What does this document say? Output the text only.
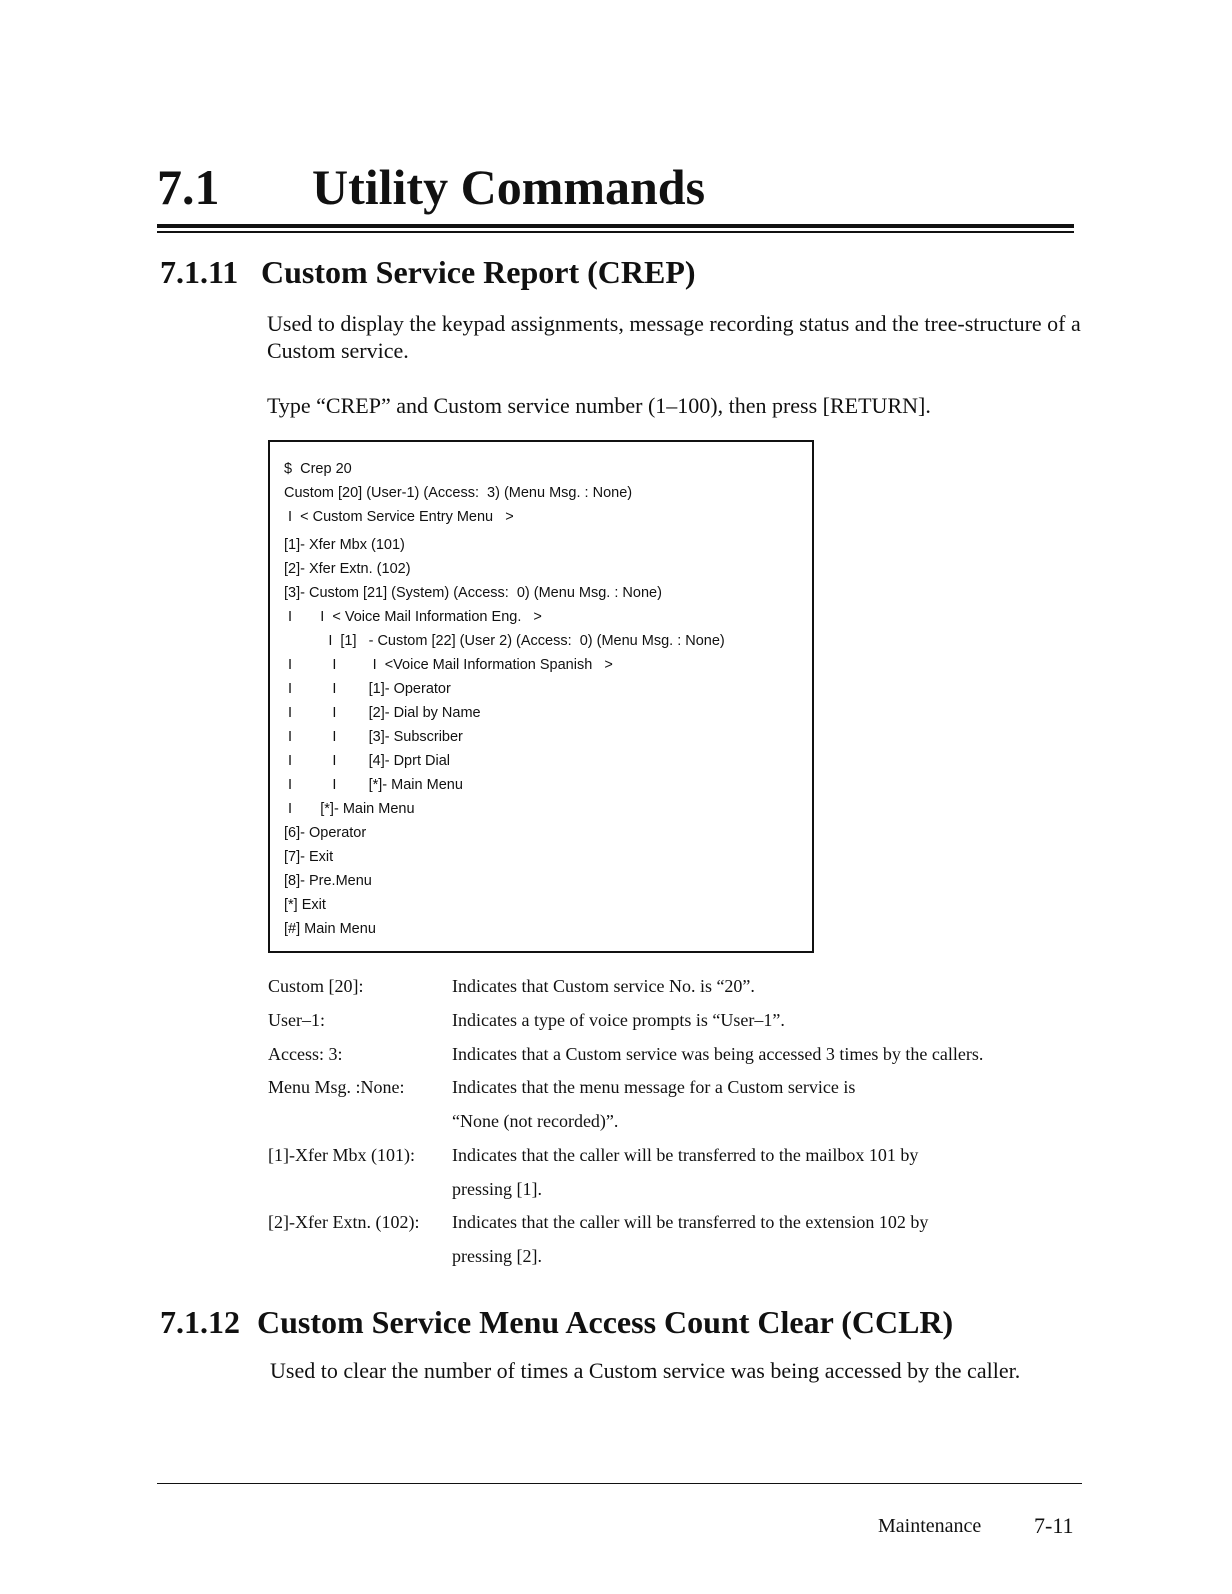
7.1 Utility Commands
7.1.11 Custom Service Report (CREP)
Used to display the keypad assignments, message recording status and the tree-structure of a Custom service.
Type “CREP” and Custom service number (1–100), then press [RETURN].
$  Crep 20
Custom [20] (User-1) (Access:  3) (Menu Msg. : None)
I  < Custom Service Entry Menu   >
[1]- Xfer Mbx (101)
[2]- Xfer Extn. (102)
[3]- Custom [21] (System) (Access:  0) (Menu Msg. : None)
I       I  < Voice Mail Information Eng.   >
I  [1]   - Custom [22] (User 2) (Access:  0) (Menu Msg. : None)
I          I         I  <Voice Mail Information Spanish   >
I          I        [1]- Operator
I          I        [2]- Dial by Name
I          I        [3]- Subscriber
I          I        [4]- Dprt Dial
I          I        [*]- Main Menu
I       [*]- Main Menu
[6]- Operator
[7]- Exit
[8]- Pre.Menu
[*] Exit
[#] Main Menu
Custom [20]:	Indicates that Custom service No. is “20”.
User–1:	Indicates a type of voice prompts is “User–1”.
Access: 3:	Indicates that a Custom service was being accessed 3 times by the callers.
Menu Msg. :None:	Indicates that the menu message for a Custom service is
“None (not recorded)”.
[1]-Xfer Mbx (101): Indicates that the caller will be transferred to the mailbox 101 by
pressing [1].
[2]-Xfer Extn. (102): Indicates that the caller will be transferred to the extension 102 by
pressing [2].
7.1.12 Custom Service Menu Access Count Clear (CCLR)
Used to clear the number of times a Custom service was being accessed by the caller.
Maintenance 7-11
